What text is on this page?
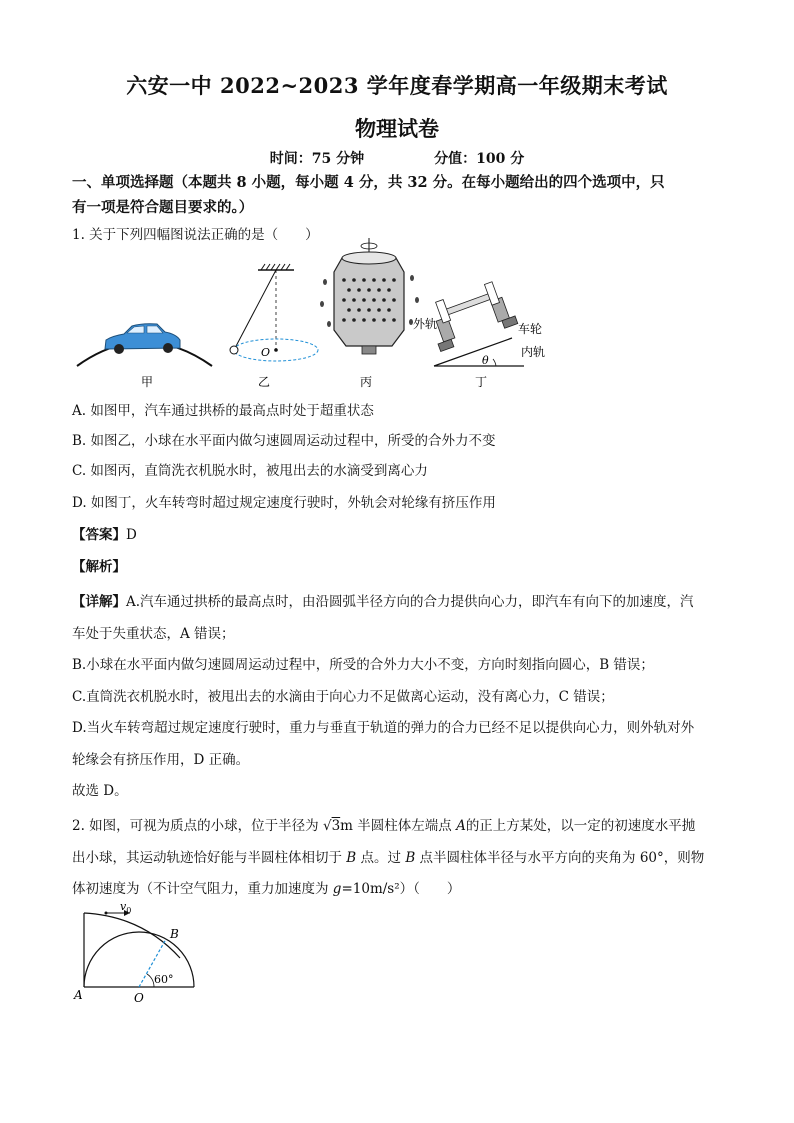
六安一中 2022~2023 学年度春学期高一年级期末考试
物理试卷
时间：75 分钟	分值：100 分
一、单项选择题（本题共 8 小题，每小题 4 分，共 32 分。在每小题给出的四个选项中，只
有一项是符合题目要求的。）
1. 关于下列四幅图说法正确的是（　　）
甲
O
乙	丙
θ
外轨	车轮
内轨
丁
A. 如图甲，汽车通过拱桥的最高点时处于超重状态
B. 如图乙，小球在水平面内做匀速圆周运动过程中，所受的合外力不变
C. 如图丙，直筒洗衣机脱水时，被甩出去的水滴受到离心力
D. 如图丁，火车转弯时超过规定速度行驶时，外轨会对轮缘有挤压作用
【答案】D
【解析】
【详解】A.汽车通过拱桥的最高点时，由沿圆弧半径方向的合力提供向心力，即汽车有向下的加速度，汽
车处于失重状态，A 错误；
B.小球在水平面内做匀速圆周运动过程中，所受的合外力大小不变，方向时刻指向圆心，B 错误；
C.直筒洗衣机脱水时，被甩出去的水滴由于向心力不足做离心运动，没有离心力，C 错误；
D.当火车转弯超过规定速度行驶时，重力与垂直于轨道的弹力的合力已经不足以提供向心力，则外轨对外
轮缘会有挤压作用，D 正确。
故选 D。
2. 如图，可视为质点的小球，位于半径为 √3m 半圆柱体左端点 A的正上方某处，以一定的初速度水平抛
出小球，其运动轨迹恰好能与半圆柱体相切于 B 点。过 B 点半圆柱体半径与水平方向的夹角为 60°，则物
体初速度为（不计空气阻力，重力加速度为 g=10m/s²）（　　）
$v_0$
B
A	O
60°
